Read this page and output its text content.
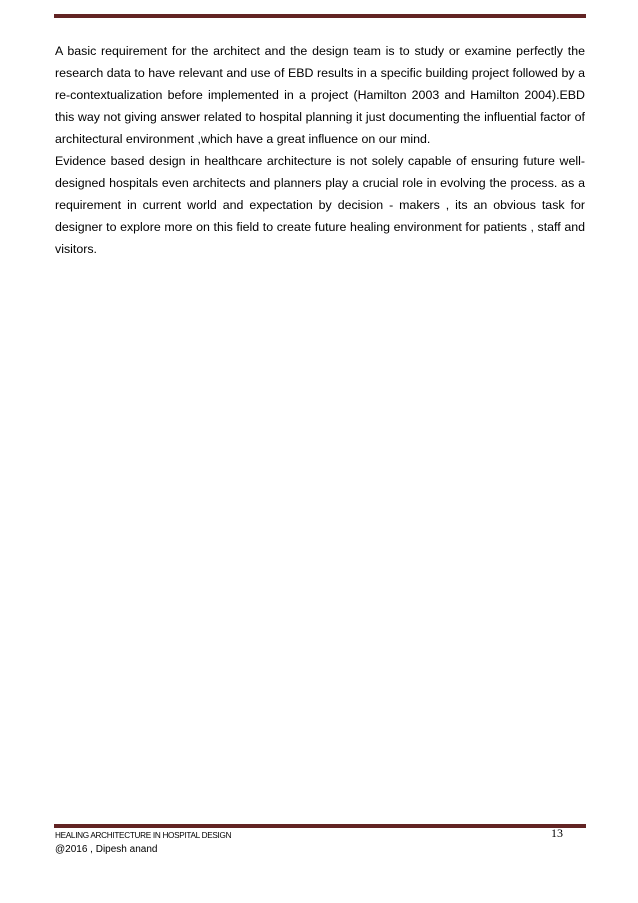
A basic requirement for the architect and the design team is to study or examine perfectly the research data to have relevant and use of EBD results in a specific building project followed by a re-contextualization before implemented in a project (Hamilton 2003 and Hamilton 2004).EBD this way not giving answer related to hospital planning it just documenting the influential factor of architectural environment ,which have a great influence on our mind.

Evidence based design in healthcare architecture is not solely capable of ensuring future well-designed hospitals even architects and planners play a crucial role in evolving the process. as a requirement in current world and expectation by decision - makers , its an obvious task for designer to explore more on this field to create future healing environment for patients , staff and visitors.

HEALING ARCHITECTURE IN HOSPITAL DESIGN	13
@2016 , Dipesh anand
